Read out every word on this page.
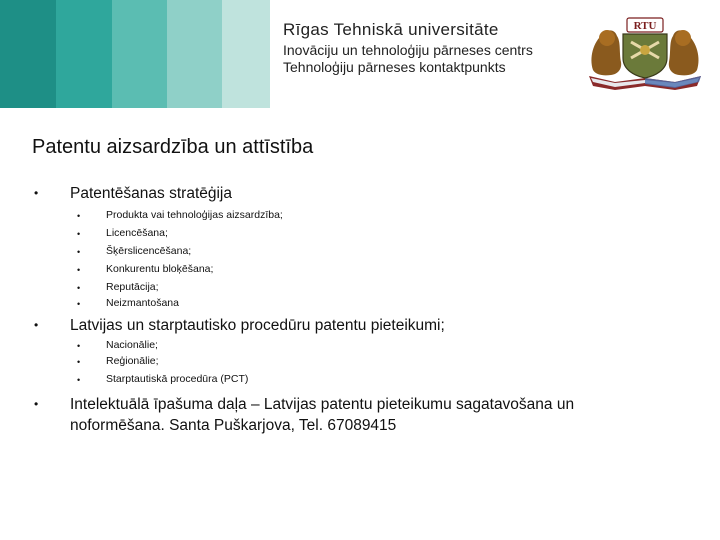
Rīgas Tehniskā universitāte
Inovāciju un tehnoloģiju pārneses centrs
Tehnoloģiju pārneses kontaktpunkts
RTU
Patentu aizsardzība un attīstība
• Patentēšanas stratēģija
• Produkta vai tehnoloģijas aizsardzība;
• Licencēšana;
• Šķērslicencēšana;
• Konkurentu bloķēšana;
• Reputācija;
• Neizmantošana
• Latvijas un starptautisko procedūru patentu pieteikumi;
• Nacionālie;
• Reģionālie;
• Starptautiskā procedūra (PCT)
• Intelektuālā īpašuma daļa – Latvijas patentu pieteikumu sagatavošana un noformēšana. Santa Puškarjova, Tel. 67089415
